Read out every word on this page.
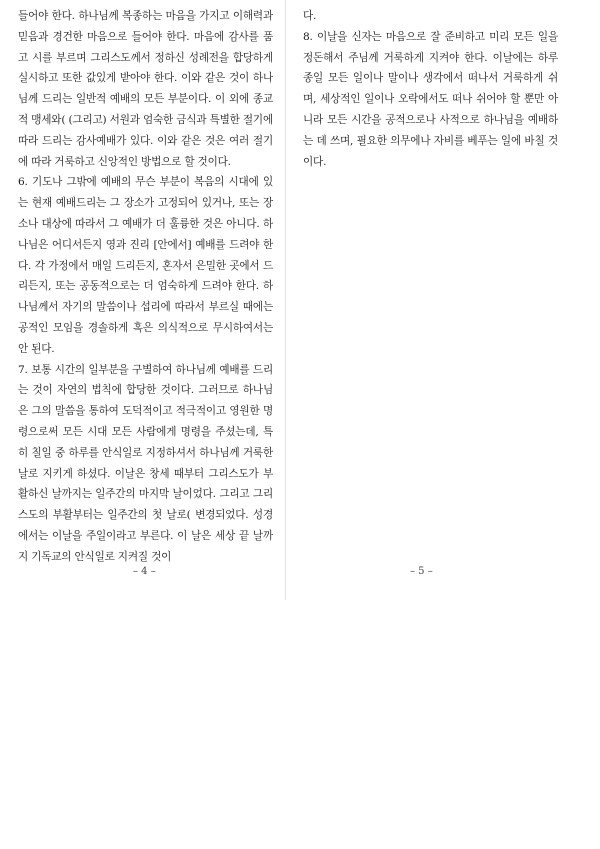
들어야 한다. 하나님께 복종하는 마음을 가지고 이해력과 믿음과 경건한 마음으로 들어야 한다. 마음에 감사를 품고 시를 부르며 그리스도께서 정하신 성례전을 합당하게 실시하고 또한 값있게 받아야 한다. 이와 같은 것이 하나님께 드리는 일반적 예배의 모든 부분이다. 이 외에 종교적 맹세와( (그리고) 서원과 엄숙한 금식과 특별한 절기에 따라 드리는 감사예배가 있다. 이와 같은 것은 여러 절기에 따라 거룩하고 신앙적인 방법으로 할 것이다.

6. 기도나 그밖에 예배의 무슨 부분이 복음의 시대에 있는 현재 예배드리는 그 장소가 고정되어 있거나, 또는 장소나 대상에 따라서 그 예배가 더 훌륭한 것은 아니다. 하나님은 어디서든지 영과 진리 [안에서] 예배를 드려야 한다. 각 가정에서 매일 드리든지, 혼자서 은밀한 곳에서 드리든지, 또는 공동적으로는 더 엄숙하게 드려야 한다. 하나님께서 자기의 말씀이나 섭리에 따라서 부르실 때에는 공적인 모임을 경솔하게 혹은 의식적으로 무시하여서는 안 된다.

7. 보통 시간의 일부분을 구별하여 하나님께 예배를 드리는 것이 자연의 법칙에 합당한 것이다. 그러므로 하나님은 그의 말씀을 통하여 도덕적이고 적극적이고 영원한 명령으로써 모든 시대 모든 사람에게 명령을 주셨는데, 특히 칠일 중 하루를 안식일로 지정하셔서 하나님께 거룩한 날로 지키게 하셨다. 이날은 창세 때부터 그리스도가 부활하신 날까지는 일주간의 마지막 날이었다. 그리고 그리스도의 부활부터는 일주간의 첫 날로( 변경되었다. 성경에서는 이날을 주일이라고 부른다. 이 날은 세상 끝 날까지 기독교의 안식일로 지켜질 것이

– 4 –

다.

8. 이날을 신자는 마음으로 잘 준비하고 미리 모든 일을 정돈해서 주님께 거룩하게 지켜야 한다. 이날에는 하루 종일 모든 일이나 말이나 생각에서 떠나서 거룩하게 쉬며, 세상적인 일이나 오락에서도 떠나 쉬어야 할 뿐만 아니라 모든 시간을 공적으로나 사적으로 하나님을 예배하는 데 쓰며, 필요한 의무에나 자비를 베푸는 일에 바칠 것이다.

– 5 –
